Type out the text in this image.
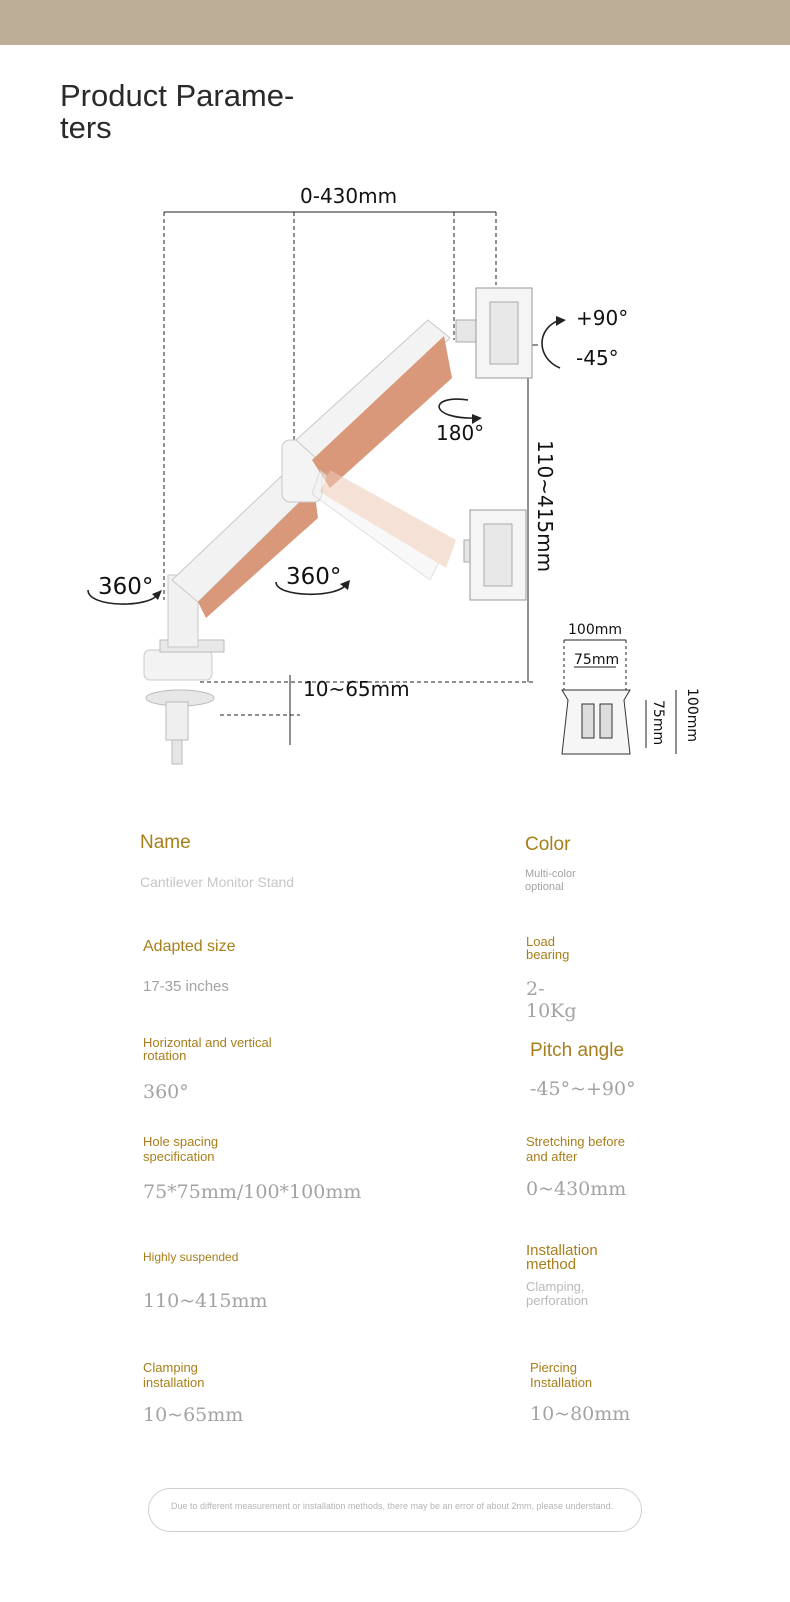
Product Parame-
ters
0-430mm
+90°
-45°
180°
110~415mm
360°	360°
10~65mm
100mm
75mm
75mm 100mm
Name
Cantilever Monitor Stand
Color
Multi-color optional
Adapted size
17-35 inches
Load bearing
2-10Kg
Horizontal and vertical rotation
360°
Pitch angle
-45°~+90°
Hole spacing specification
75*75mm/100*100mm
Stretching before and after
0~430mm
Highly suspended
110~415mm
Installation method
Clamping, perforation
Clamping installation
10~65mm
Piercing Installation
10~80mm
Due to different measurement or installation methods, there may be an error of about 2mm, please understand.
